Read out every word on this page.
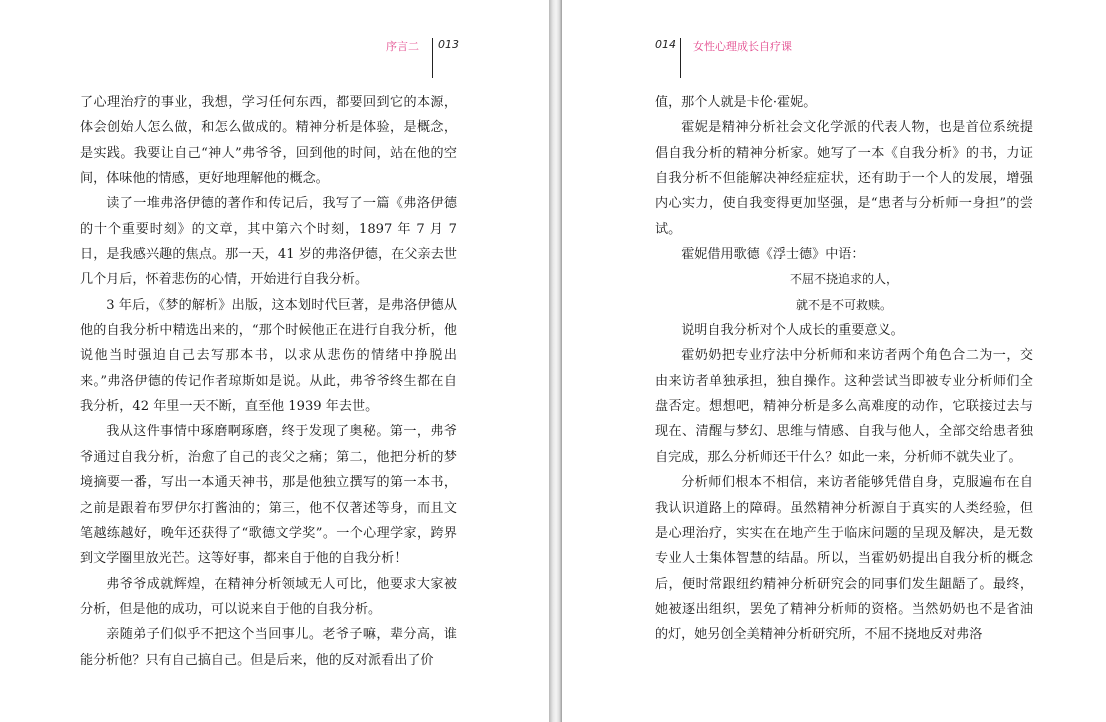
序言二 013

了心理治疗的事业，我想，学习任何东西，都要回到它的本源，体会创始人怎么做，和怎么做成的。精神分析是体验，是概念，是实践。我要让自己“神人”弗爷爷，回到他的时间，站在他的空间，体味他的情感，更好地理解他的概念。

读了一堆弗洛伊德的著作和传记后，我写了一篇《弗洛伊德的十个重要时刻》的文章，其中第六个时刻，1897 年 7 月 7 日，是我感兴趣的焦点。那一天，41 岁的弗洛伊德，在父亲去世几个月后，怀着悲伤的心情，开始进行自我分析。

3 年后，《梦的解析》出版，这本划时代巨著，是弗洛伊德从他的自我分析中精选出来的，“那个时候他正在进行自我分析，他说他当时强迫自己去写那本书，以求从悲伤的情绪中挣脱出来。”弗洛伊德的传记作者琼斯如是说。从此，弗爷爷终生都在自我分析，42 年里一天不断，直至他 1939 年去世。

我从这件事情中琢磨啊琢磨，终于发现了奥秘。第一，弗爷爷通过自我分析，治愈了自己的丧父之痛；第二，他把分析的梦境摘要一番，写出一本通天神书，那是他独立撰写的第一本书，之前是跟着布罗伊尔打酱油的；第三，他不仅著述等身，而且文笔越练越好，晚年还获得了“歌德文学奖”。一个心理学家，跨界到文学圈里放光芒。这等好事，都来自于他的自我分析！

弗爷爷成就辉煌，在精神分析领域无人可比，他要求大家被分析，但是他的成功，可以说来自于他的自我分析。

亲随弟子们似乎不把这个当回事儿。老爷子嘛，辈分高，谁能分析他？只有自己搞自己。但是后来，他的反对派看出了价

014 女性心理成长自疗课

值，那个人就是卡伦·霍妮。

霍妮是精神分析社会文化学派的代表人物，也是首位系统提倡自我分析的精神分析家。她写了一本《自我分析》的书，力证自我分析不但能解决神经症症状，还有助于一个人的发展，增强内心实力，使自我变得更加坚强，是“患者与分析师一身担”的尝试。

霍妮借用歌德《浮士德》中语：

不屈不挠追求的人，

就不是不可救赎。

说明自我分析对个人成长的重要意义。

霍奶奶把专业疗法中分析师和来访者两个角色合二为一，交由来访者单独承担，独自操作。这种尝试当即被专业分析师们全盘否定。想想吧，精神分析是多么高难度的动作，它联接过去与现在、清醒与梦幻、思维与情感、自我与他人，全部交给患者独自完成，那么分析师还干什么？如此一来，分析师不就失业了。

分析师们根本不相信，来访者能够凭借自身，克服遍布在自我认识道路上的障碍。虽然精神分析源自于真实的人类经验，但是心理治疗，实实在在地产生于临床问题的呈现及解决，是无数专业人士集体智慧的结晶。所以，当霍奶奶提出自我分析的概念后，便时常跟纽约精神分析研究会的同事们发生龃龉了。最终，她被逐出组织，罢免了精神分析师的资格。当然奶奶也不是省油的灯，她另创全美精神分析研究所，不屈不挠地反对弗洛
